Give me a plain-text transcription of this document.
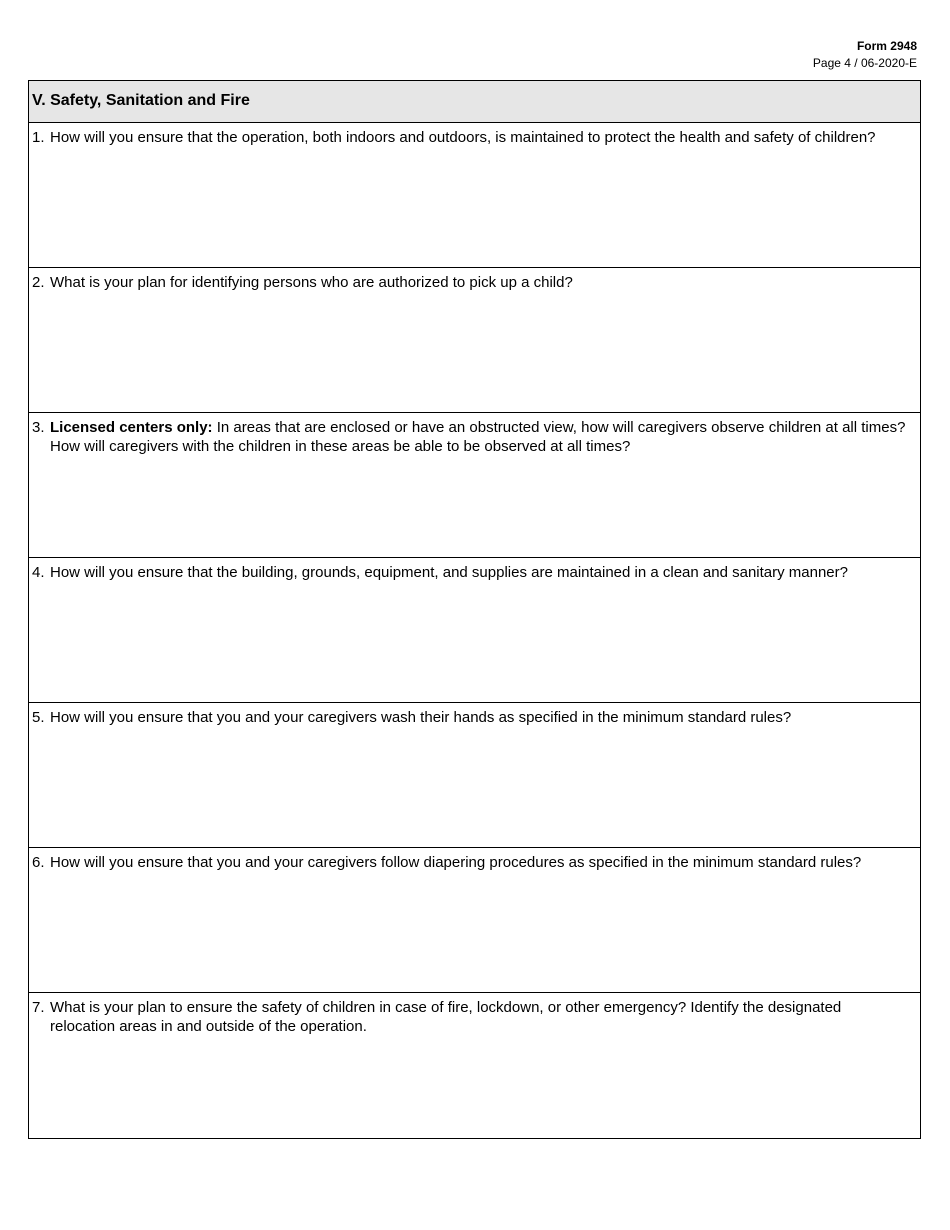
Form 2948
Page 4 / 06-2020-E
V. Safety, Sanitation and Fire
1. How will you ensure that the operation, both indoors and outdoors, is maintained to protect the health and safety of children?
2. What is your plan for identifying persons who are authorized to pick up a child?
3. Licensed centers only: In areas that are enclosed or have an obstructed view, how will caregivers observe children at all times? How will caregivers with the children in these areas be able to be observed at all times?
4. How will you ensure that the building, grounds, equipment, and supplies are maintained in a clean and sanitary manner?
5. How will you ensure that you and your caregivers wash their hands as specified in the minimum standard rules?
6. How will you ensure that you and your caregivers follow diapering procedures as specified in the minimum standard rules?
7. What is your plan to ensure the safety of children in case of fire, lockdown, or other emergency? Identify the designated relocation areas in and outside of the operation.
